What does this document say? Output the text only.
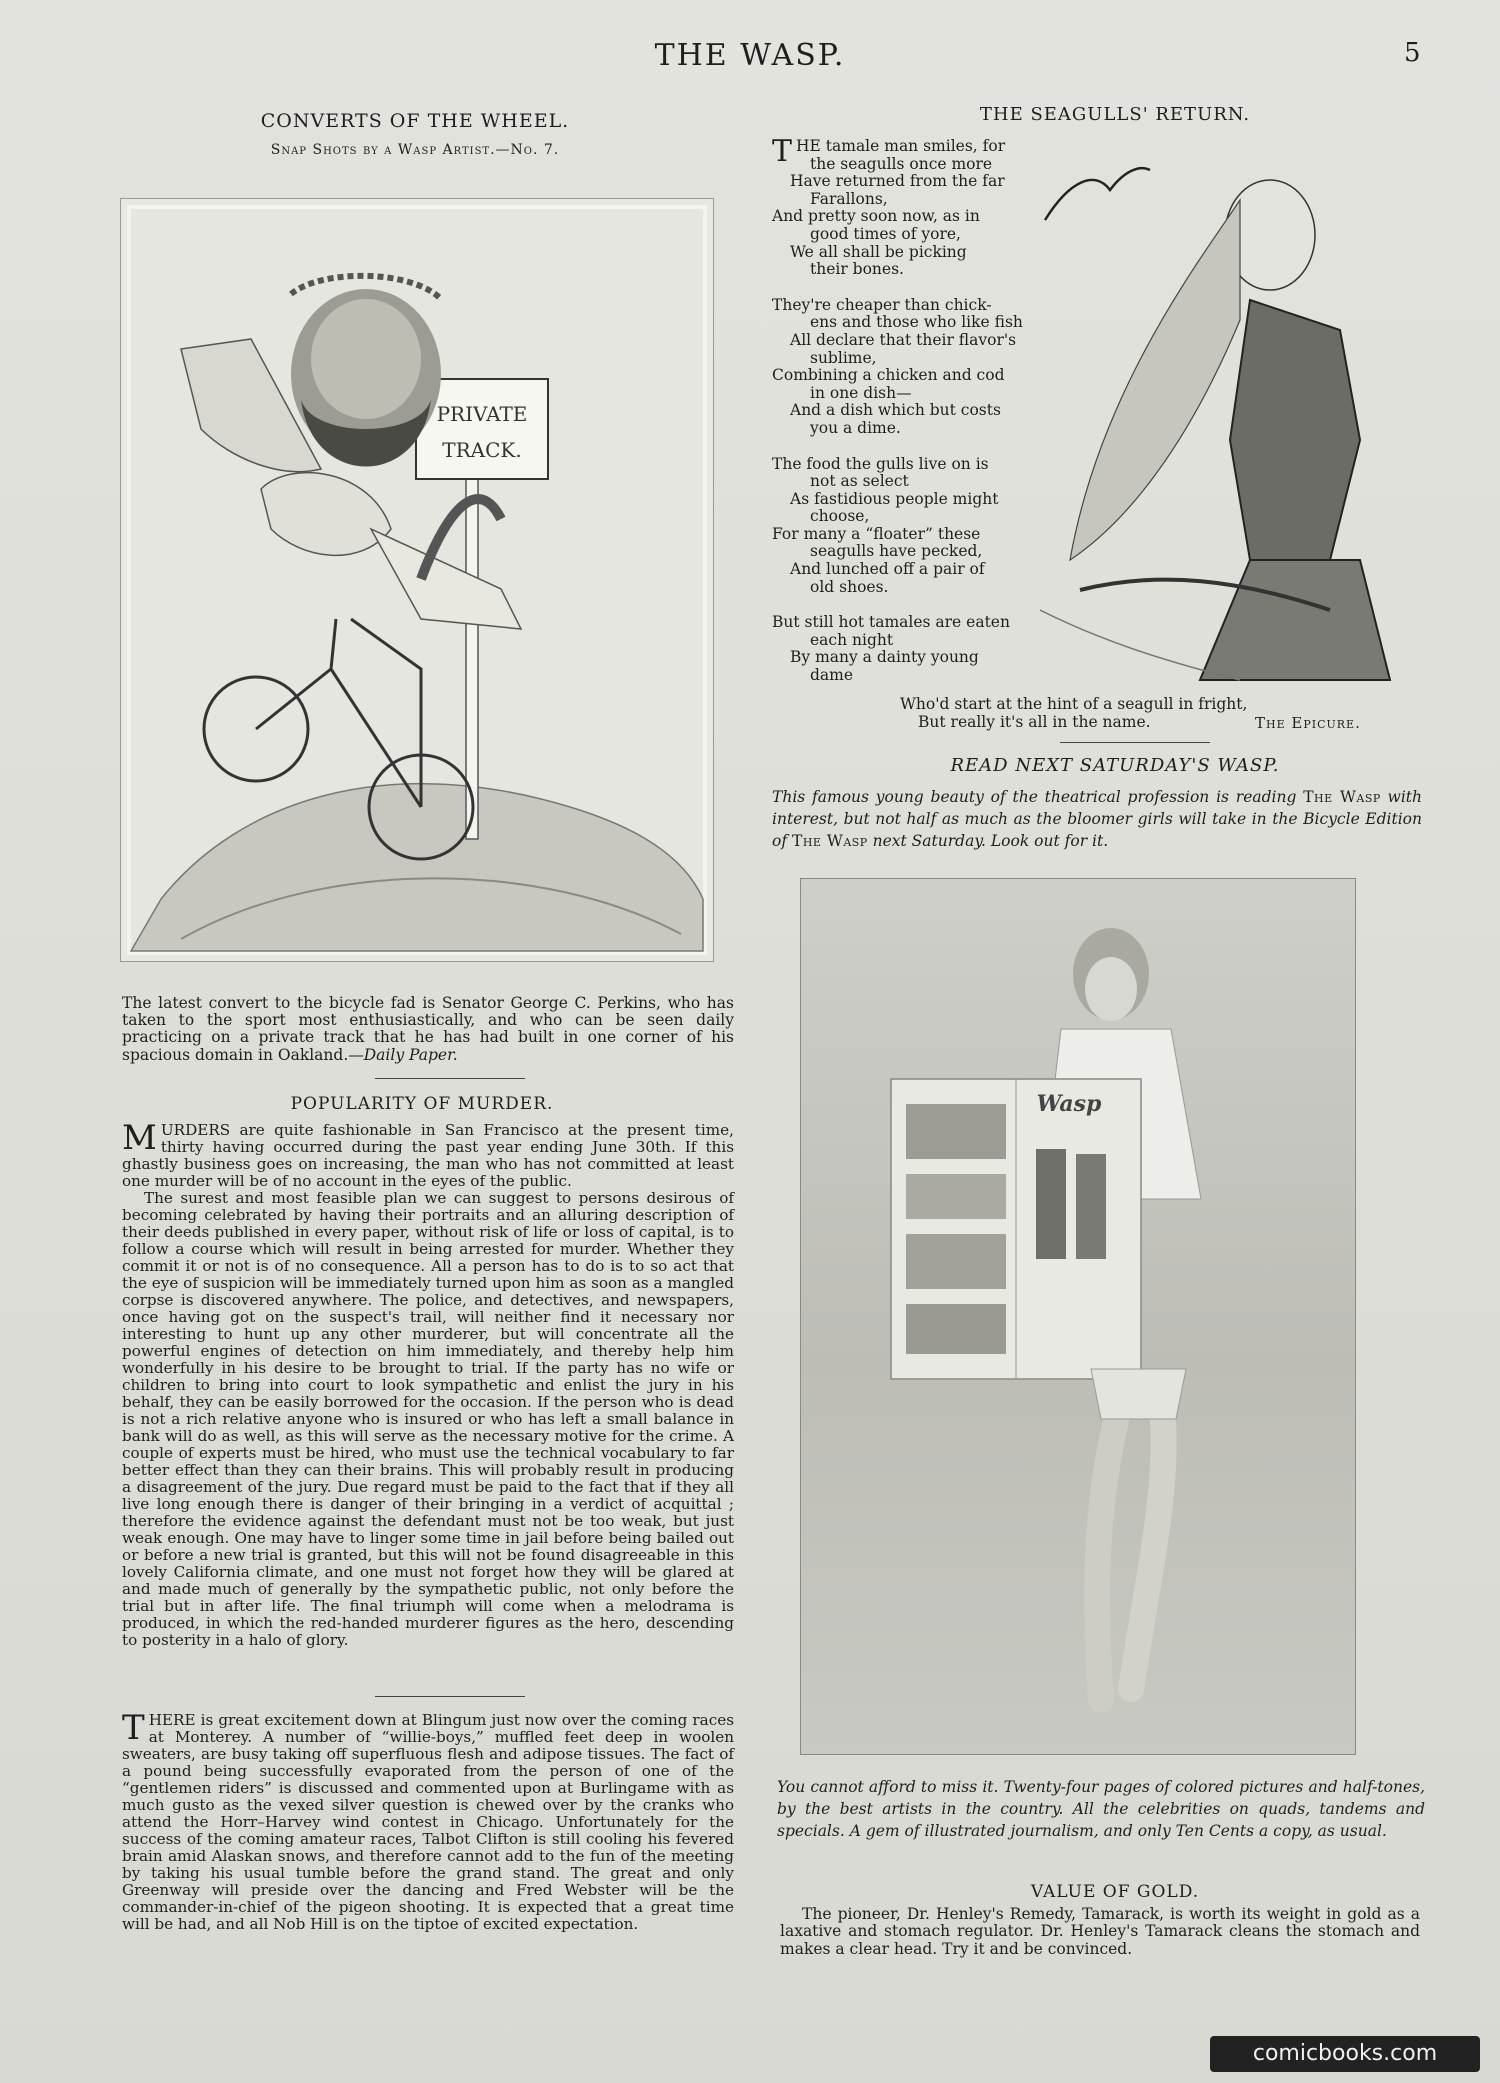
THE WASP.	5
CONVERTS OF THE WHEEL.
Snap Shots by a Wasp Artist.—No. 7.
PRIVATE
TRACK.
The latest convert to the bicycle fad is Senator George C. Perkins, who has taken to the sport most enthusiastically, and who can be seen daily practicing on a private track that he has had built in one corner of his spacious domain in Oakland.—Daily Paper.
POPULARITY OF MURDER.

MURDERS are quite fashionable in San Francisco at the present time, thirty having occurred during the past year ending June 30th. If this ghastly business goes on increasing, the man who has not committed at least one murder will be of no account in the eyes of the public.

The surest and most feasible plan we can suggest to persons desirous of becoming celebrated by having their portraits and an alluring description of their deeds published in every paper, without risk of life or loss of capital, is to follow a course which will result in being arrested for murder. Whether they commit it or not is of no consequence. All a person has to do is to so act that the eye of suspicion will be immediately turned upon him as soon as a mangled corpse is discovered anywhere. The police, and detectives, and newspapers, once having got on the suspect's trail, will neither find it necessary nor interesting to hunt up any other murderer, but will concentrate all the powerful engines of detection on him immediately, and thereby help him wonderfully in his desire to be brought to trial. If the party has no wife or children to bring into court to look sympathetic and enlist the jury in his behalf, they can be easily borrowed for the occasion. If the person who is dead is not a rich relative anyone who is insured or who has left a small balance in bank will do as well, as this will serve as the necessary motive for the crime. A couple of experts must be hired, who must use the technical vocabulary to far better effect than they can their brains. This will probably result in producing a disagreement of the jury. Due regard must be paid to the fact that if they all live long enough there is danger of their bringing in a verdict of acquittal ; therefore the evidence against the defendant must not be too weak, but just weak enough. One may have to linger some time in jail before being bailed out or before a new trial is granted, but this will not be found disagreeable in this lovely California climate, and one must not forget how they will be glared at and made much of generally by the sympathetic public, not only before the trial but in after life. The final triumph will come when a melodrama is produced, in which the red-handed murderer figures as the hero, descending to posterity in a halo of glory.

THERE is great excitement down at Blingum just now over the coming races at Monterey. A number of “willie-boys,” muffled feet deep in woolen sweaters, are busy taking off superfluous flesh and adipose tissues. The fact of a pound being successfully evaporated from the person of one of the “gentlemen riders” is discussed and commented upon at Burlingame with as much gusto as the vexed silver question is chewed over by the cranks who attend the Horr–Harvey wind contest in Chicago. Unfortunately for the success of the coming amateur races, Talbot Clifton is still cooling his fevered brain amid Alaskan snows, and therefore cannot add to the fun of the meeting by taking his usual tumble before the grand stand. The great and only Greenway will preside over the dancing and Fred Webster will be the commander-in-chief of the pigeon shooting. It is expected that a great time will be had, and all Nob Hill is on the tiptoe of excited expectation.

THE SEAGULLS' RETURN.
THE tamale man smiles, for
the seagulls once more
Have returned from the far
Farallons,
And pretty soon now, as in
good times of yore,
We all shall be picking
their bones.
They're cheaper than chick-
ens and those who like fish
All declare that their flavor's
sublime,
Combining a chicken and cod
in one dish—
And a dish which but costs
you a dime.
The food the gulls live on is
not as select
As fastidious people might
choose,
For many a “floater” these
seagulls have pecked,
And lunched off a pair of
old shoes.
But still hot tamales are eaten
each night
By many a dainty young
dame
Who'd start at the hint of a seagull in fright,
But really it's all in the name.	The Epicure.
READ NEXT SATURDAY'S WASP.
This famous young beauty of the theatrical profession is reading The Wasp with interest, but not half as much as the bloomer girls will take in the Bicycle Edition of The Wasp next Saturday. Look out for it.
Wasp
You cannot afford to miss it. Twenty-four pages of colored pictures and half-tones, by the best artists in the country. All the celebrities on quads, tandems and specials. A gem of illustrated journalism, and only Ten Cents a copy, as usual.
VALUE OF GOLD.

The pioneer, Dr. Henley's Remedy, Tamarack, is worth its weight in gold as a laxative and stomach regulator. Dr. Henley's Tamarack cleans the stomach and makes a clear head. Try it and be convinced.

comicbooks.com
